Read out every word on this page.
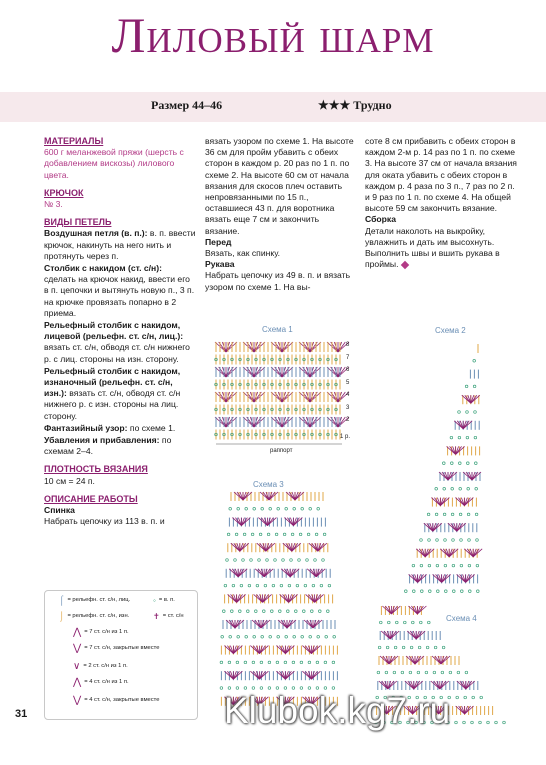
Лиловый шарм
Размер 44–46	★★★ Трудно
МАТЕРИАЛЫ

600 г меланжевой пряжи (шерсть с добавлением вискозы) лилового цвета.

КРЮЧОК

№ 3.

ВИДЫ ПЕТЕЛЬ

Воздушная петля (в. п.): в. п. ввести крючок, накинуть на него нить и протянуть через п.

Столбик с накидом (ст. с/н): сделать на крючок накид, ввести его в п. цепочки и вытянуть новую п., 3 п. на крючке провязать попарно в 2 приема.

Рельефный столбик с накидом, лицевой (рельефн. ст. с/н, лиц.): вязать ст. с/н, обводя ст. с/н нижнего р. с лиц. стороны на изн. сторону.

Рельефный столбик с накидом, изнаночный (рельефн. ст. с/н, изн.): вязать ст. с/н, обводя ст. с/н нижнего р. с изн. стороны на лиц. сторону.

Фантазийный узор: по схеме 1.

Убавления и прибавления: по схемам 2–4.

ПЛОТНОСТЬ ВЯЗАНИЯ

10 см = 24 п.

ОПИСАНИЕ РАБОТЫ

Спинка

Набрать цепочку из 113 в. п. и

вязать узором по схеме 1. На высоте 36 см для пройм убавить с обеих сторон в каждом р. 20 раз по 1 п. по схеме 2. На высоте 60 см от начала вязания для скосов плеч оставить непровязанными по 15 п., оставшиеся 43 п. для воротника вязать еще 7 см и закончить вязание.

Перед

Вязать, как спинку.

Рукава

Набрать цепочку из 49 в. п. и вязать узором по схеме 1. На вы-

соте 8 см прибавить с обеих сторон в каждом 2-м р. 14 раз по 1 п. по схеме 3. На высоте 37 см от начала вязания для оката убавить с обеих сторон в каждом р. 4 раза по 3 п., 7 раз по 2 п. и 9 раз по 1 п. по схеме 4. На общей высоте 59 см закончить вязание.

Сборка

Детали наколоть на выкройку, увлажнить и дать им высохнуть. Выполнить швы и вшить рукава в проймы.

Схема 1	Схема 2
Схема 3
Схема 4
1 р.
раппорт
8
7
6
5
4
3
2
⌠ = рельефн. ст. с/н, лиц.	◦ = в. п.
⌡ = рельефн. ст. с/н, изн.	✝ = ст. с/н
⋀ = 7 ст. с/н из 1 п.
⋁ = 7 ст. с/н, закрытые вместе
∨ = 2 ст. с/н из 1 п.
⋀ = 4 ст. с/н из 1 п.
⋁ = 4 ст. с/н, закрытые вместе
31	Klubok.kg7.ru
